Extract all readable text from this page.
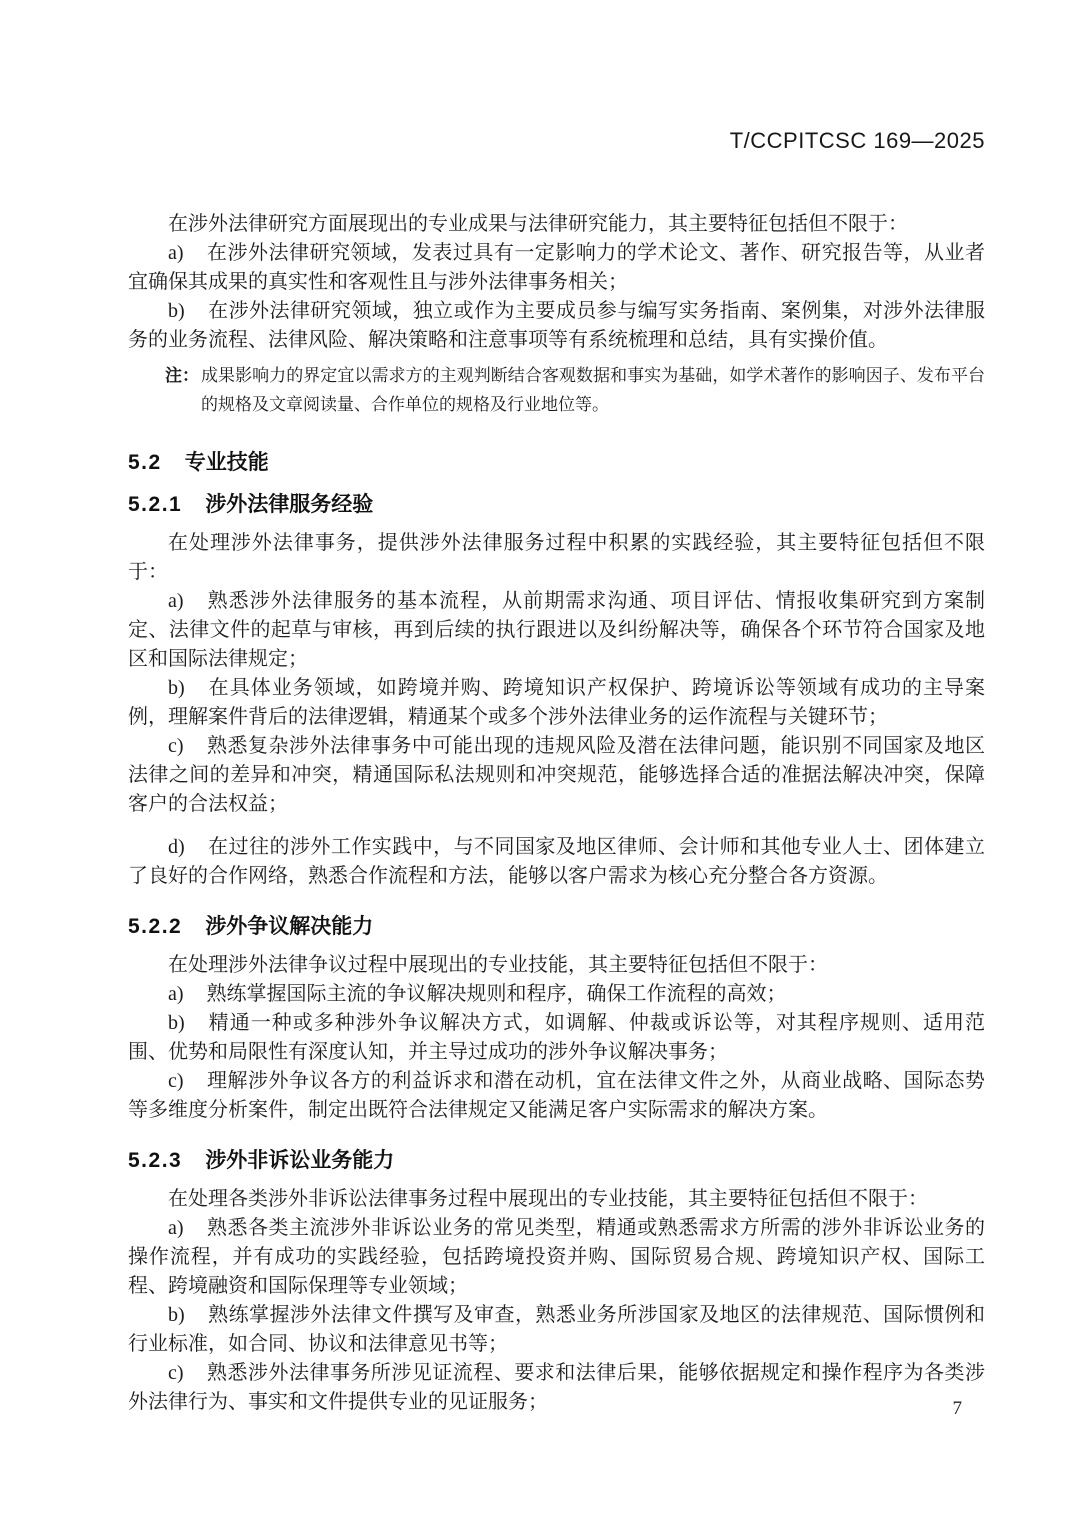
T/CCPITCSC 169—2025

在涉外法律研究方面展现出的专业成果与法律研究能力，其主要特征包括但不限于：

a) 在涉外法律研究领域，发表过具有一定影响力的学术论文、著作、研究报告等，从业者宜确保其成果的真实性和客观性且与涉外法律事务相关；

b) 在涉外法律研究领域，独立或作为主要成员参与编写实务指南、案例集，对涉外法律服务的业务流程、法律风险、解决策略和注意事项等有系统梳理和总结，具有实操价值。

注： 成果影响力的界定宜以需求方的主观判断结合客观数据和事实为基础，如学术著作的影响因子、发布平台的规格及文章阅读量、合作单位的规格及行业地位等。
5.2 专业技能
5.2.1 涉外法律服务经验

在处理涉外法律事务，提供涉外法律服务过程中积累的实践经验，其主要特征包括但不限于：

a) 熟悉涉外法律服务的基本流程，从前期需求沟通、项目评估、情报收集研究到方案制定、法律文件的起草与审核，再到后续的执行跟进以及纠纷解决等，确保各个环节符合国家及地区和国际法律规定；

b) 在具体业务领域，如跨境并购、跨境知识产权保护、跨境诉讼等领域有成功的主导案例，理解案件背后的法律逻辑，精通某个或多个涉外法律业务的运作流程与关键环节；

c) 熟悉复杂涉外法律事务中可能出现的违规风险及潜在法律问题，能识别不同国家及地区法律之间的差异和冲突，精通国际私法规则和冲突规范，能够选择合适的准据法解决冲突，保障客户的合法权益；

d) 在过往的涉外工作实践中，与不同国家及地区律师、会计师和其他专业人士、团体建立了良好的合作网络，熟悉合作流程和方法，能够以客户需求为核心充分整合各方资源。

5.2.2 涉外争议解决能力

在处理涉外法律争议过程中展现出的专业技能，其主要特征包括但不限于：

a) 熟练掌握国际主流的争议解决规则和程序，确保工作流程的高效；

b) 精通一种或多种涉外争议解决方式，如调解、仲裁或诉讼等，对其程序规则、适用范围、优势和局限性有深度认知，并主导过成功的涉外争议解决事务；

c) 理解涉外争议各方的利益诉求和潜在动机，宜在法律文件之外，从商业战略、国际态势等多维度分析案件，制定出既符合法律规定又能满足客户实际需求的解决方案。

5.2.3 涉外非诉讼业务能力

在处理各类涉外非诉讼法律事务过程中展现出的专业技能，其主要特征包括但不限于：

a) 熟悉各类主流涉外非诉讼业务的常见类型，精通或熟悉需求方所需的涉外非诉讼业务的操作流程，并有成功的实践经验，包括跨境投资并购、国际贸易合规、跨境知识产权、国际工程、跨境融资和国际保理等专业领域；

b) 熟练掌握涉外法律文件撰写及审查，熟悉业务所涉国家及地区的法律规范、国际惯例和行业标准，如合同、协议和法律意见书等；

c) 熟悉涉外法律事务所涉见证流程、要求和法律后果，能够依据规定和操作程序为各类涉外法律行为、事实和文件提供专业的见证服务；	7
